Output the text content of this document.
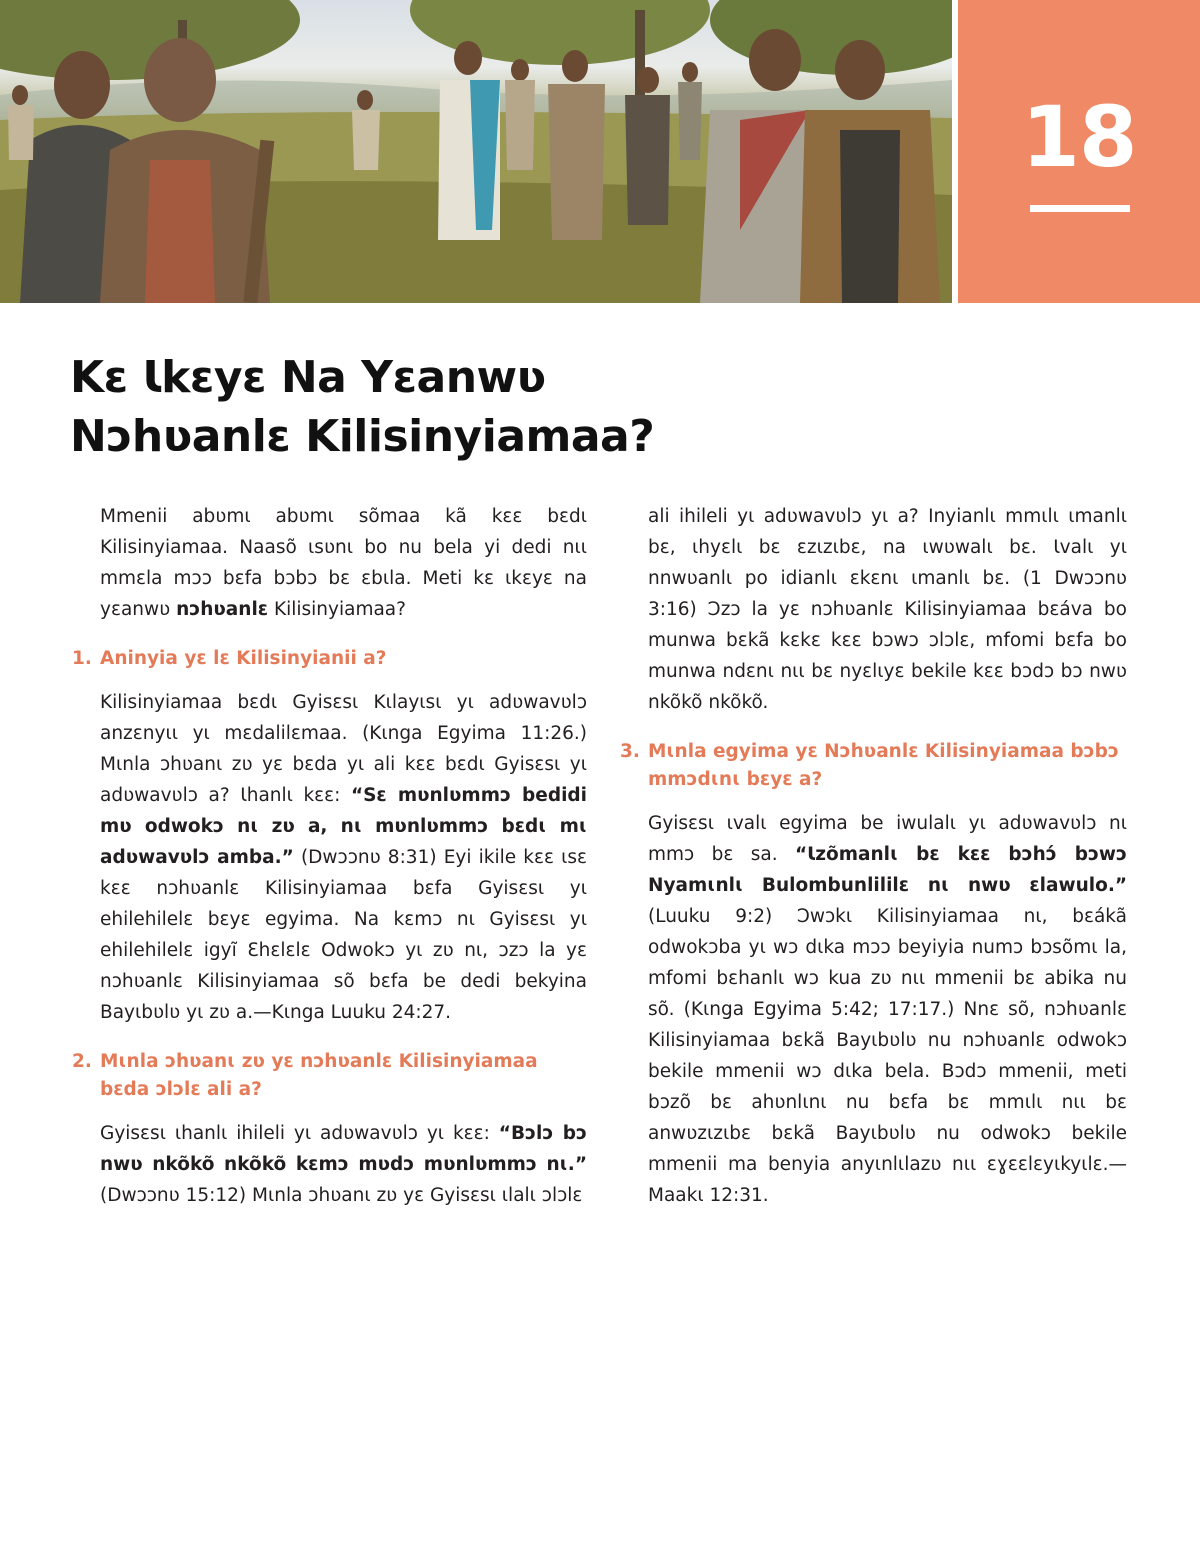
18
Kɛ Ɩkɛyɛ Na Yɛanwʋ
Nɔhʋanlɛ Kilisinyiamaa?

Mmenii abʋmɩ abʋmɩ sõmaa kã kɛɛ bɛdɩ Kilisinyiamaa. Naasõ ɩsʋnɩ bo nu bela yi dedi nɩɩ mmɛla mɔɔ bɛfa bɔbɔ bɛ ɛbɩla. Meti kɛ ɩkɛyɛ na yɛanwʋ nɔhʋanlɛ Kilisinyiamaa?

1. Aninyia yɛ lɛ Kilisinyianii a?

Kilisinyiamaa bɛdɩ Gyisɛsɩ Kɩlayɩsɩ yɩ adʋwavʋlɔ anzɛnyɩɩ yɩ mɛdalilɛmaa. (Kɩnga Egyima 11:26.) Mɩnla ɔhʋanɩ zʋ yɛ bɛda yɩ ali kɛɛ bɛdɩ Gyisɛsɩ yɩ adʋwavʋlɔ a? Ɩhanlɩ kɛɛ: “Sɛ mʋnlʋmmɔ bedidi mʋ odwokɔ nɩ zʋ a, nɩ mʋnlʋmmɔ bɛdɩ mɩ adʋwavʋlɔ amba.” (Dwɔɔnʋ 8:31) Eyi ikile kɛɛ ɩsɛ kɛɛ nɔhʋanlɛ Kilisinyiamaa bɛfa Gyisɛsɩ yɩ ehilehilelɛ bɛyɛ egyima. Na kɛmɔ nɩ Gyisɛsɩ yɩ ehilehilelɛ igyĩ Ɛhɛlɛlɛ Odwokɔ yɩ zʋ nɩ, ɔzɔ la yɛ nɔhʋanlɛ Kilisinyiamaa sõ bɛfa be dedi bekyina Bayɩbʋlʋ yɩ zʋ a.—Kɩnga Luuku 24:27.

2. Mɩnla ɔhʋanɩ zʋ yɛ nɔhʋanlɛ Kilisinyiamaa bɛda ɔlɔlɛ ali a?

Gyisɛsɩ ɩhanlɩ ihileli yɩ adʋwavʋlɔ yɩ kɛɛ: “Bɔlɔ bɔ nwʋ nkõkõ nkõkõ kɛmɔ mʋdɔ mʋnlʋmmɔ nɩ.” (Dwɔɔnʋ 15:12) Mɩnla ɔhʋanɩ zʋ yɛ Gyisɛsɩ ɩlalɩ ɔlɔlɛ

ali ihileli yɩ adʋwavʋlɔ yɩ a? Inyianlɩ mmɩlɩ ɩmanlɩ bɛ, ɩhyɛlɩ bɛ ɛzɩzɩbɛ, na ɩwʋwalɩ bɛ. Ɩvalɩ yɩ nnwʋanlɩ po idianlɩ ɛkɛnɩ ɩmanlɩ bɛ. (1 Dwɔɔnʋ 3:16) Ɔzɔ la yɛ nɔhʋanlɛ Kilisinyiamaa bɛáva bo munwa bɛkã kɛkɛ kɛɛ bɔwɔ ɔlɔlɛ, mfomi bɛfa bo munwa ndɛnɩ nɩɩ bɛ nyɛlɩyɛ bekile kɛɛ bɔdɔ bɔ nwʋ nkõkõ nkõkõ.

3. Mɩnla egyima yɛ Nɔhʋanlɛ Kilisinyiamaa bɔbɔ mmɔdɩnɩ bɛyɛ a?

Gyisɛsɩ ɩvalɩ egyima be iwulalɩ yɩ adʋwavʋlɔ nɩ mmɔ bɛ sa. “Ɩzõmanlɩ bɛ kɛɛ bɔhɔ́ bɔwɔ Nyamɩnlɩ Bulombunlililɛ nɩ nwʋ ɛlawulo.” (Luuku 9:2) Ɔwɔkɩ Kilisinyiamaa nɩ, bɛákã odwokɔba yɩ wɔ dɩka mɔɔ beyiyia numɔ bɔsõmɩ la, mfomi bɛhanlɩ wɔ kua zʋ nɩɩ mmenii bɛ abika nu sõ. (Kɩnga Egyima 5:42; 17:17.) Nnɛ sõ, nɔhʋanlɛ Kilisinyiamaa bɛkã Bayɩbʋlʋ nu nɔhʋanlɛ odwokɔ bekile mmenii wɔ dɩka bela. Bɔdɔ mmenii, meti bɔzõ bɛ ahʋnlɩnɩ nu bɛfa bɛ mmɩlɩ nɩɩ bɛ anwʋzɩzɩbɛ bɛkã Bayɩbʋlʋ nu odwokɔ bekile mmenii ma benyia anyɩnlɩlazʋ nɩɩ ɛɣɛɛlɛyɩkyɩlɛ.—Maakɩ 12:31.
